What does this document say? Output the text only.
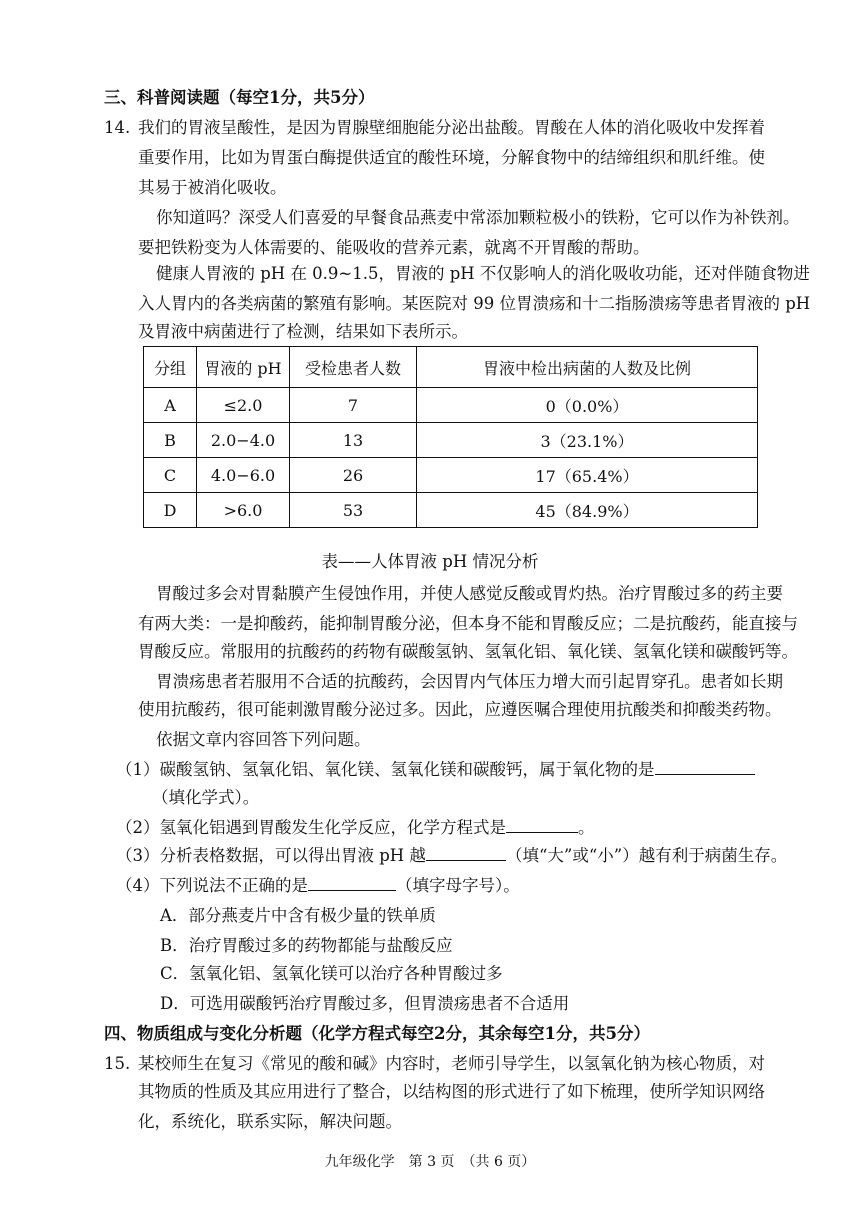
三、科普阅读题（每空1分，共5分）
14. 我们的胃液呈酸性，是因为胃腺壁细胞能分泌出盐酸。胃酸在人体的消化吸收中发挥着
重要作用，比如为胃蛋白酶提供适宜的酸性环境，分解食物中的结缔组织和肌纤维。使
其易于被消化吸收。
你知道吗？深受人们喜爱的早餐食品燕麦中常添加颗粒极小的铁粉，它可以作为补铁剂。
要把铁粉变为人体需要的、能吸收的营养元素，就离不开胃酸的帮助。
健康人胃液的 pH 在 0.9~1.5，胃液的 pH 不仅影响人的消化吸收功能，还对伴随食物进
入人胃内的各类病菌的繁殖有影响。某医院对 99 位胃溃疡和十二指肠溃疡等患者胃液的 pH
及胃液中病菌进行了检测，结果如下表所示。
分组	胃液的 pH	受检患者人数	胃液中检出病菌的人数及比例
A	≤2.0	7	0（0.0%）
B	2.0−4.0	13	3（23.1%）
C	4.0−6.0	26	17（65.4%）
D	>6.0	53	45（84.9%）
表——人体胃液 pH 情况分析
胃酸过多会对胃黏膜产生侵蚀作用，并使人感觉反酸或胃灼热。治疗胃酸过多的药主要
有两大类：一是抑酸药，能抑制胃酸分泌，但本身不能和胃酸反应；二是抗酸药，能直接与
胃酸反应。常服用的抗酸药的药物有碳酸氢钠、氢氧化铝、氧化镁、氢氧化镁和碳酸钙等。
胃溃疡患者若服用不合适的抗酸药，会因胃内气体压力增大而引起胃穿孔。患者如长期
使用抗酸药，很可能刺激胃酸分泌过多。因此，应遵医嘱合理使用抗酸类和抑酸类药物。
依据文章内容回答下列问题。
（1）碳酸氢钠、氢氧化铝、氧化镁、氢氧化镁和碳酸钙，属于氧化物的是
（填化学式）。
（2）氢氧化铝遇到胃酸发生化学反应，化学方程式是	。
（3）分析表格数据，可以得出胃液 pH 越	（填“大”或“小”）越有利于病菌生存。
（4）下列说法不正确的是	（填字母字号）。
A．部分燕麦片中含有极少量的铁单质
B．治疗胃酸过多的药物都能与盐酸反应
C．氢氧化铝、氢氧化镁可以治疗各种胃酸过多
D．可选用碳酸钙治疗胃酸过多，但胃溃疡患者不合适用
四、物质组成与变化分析题（化学方程式每空2分，其余每空1分，共5分）
15. 某校师生在复习《常见的酸和碱》内容时，老师引导学生，以氢氧化钠为核心物质，对
其物质的性质及其应用进行了整合，以结构图的形式进行了如下梳理，使所学知识网络
化，系统化，联系实际，解决问题。
九年级化学　第 3 页　（共 6 页）
